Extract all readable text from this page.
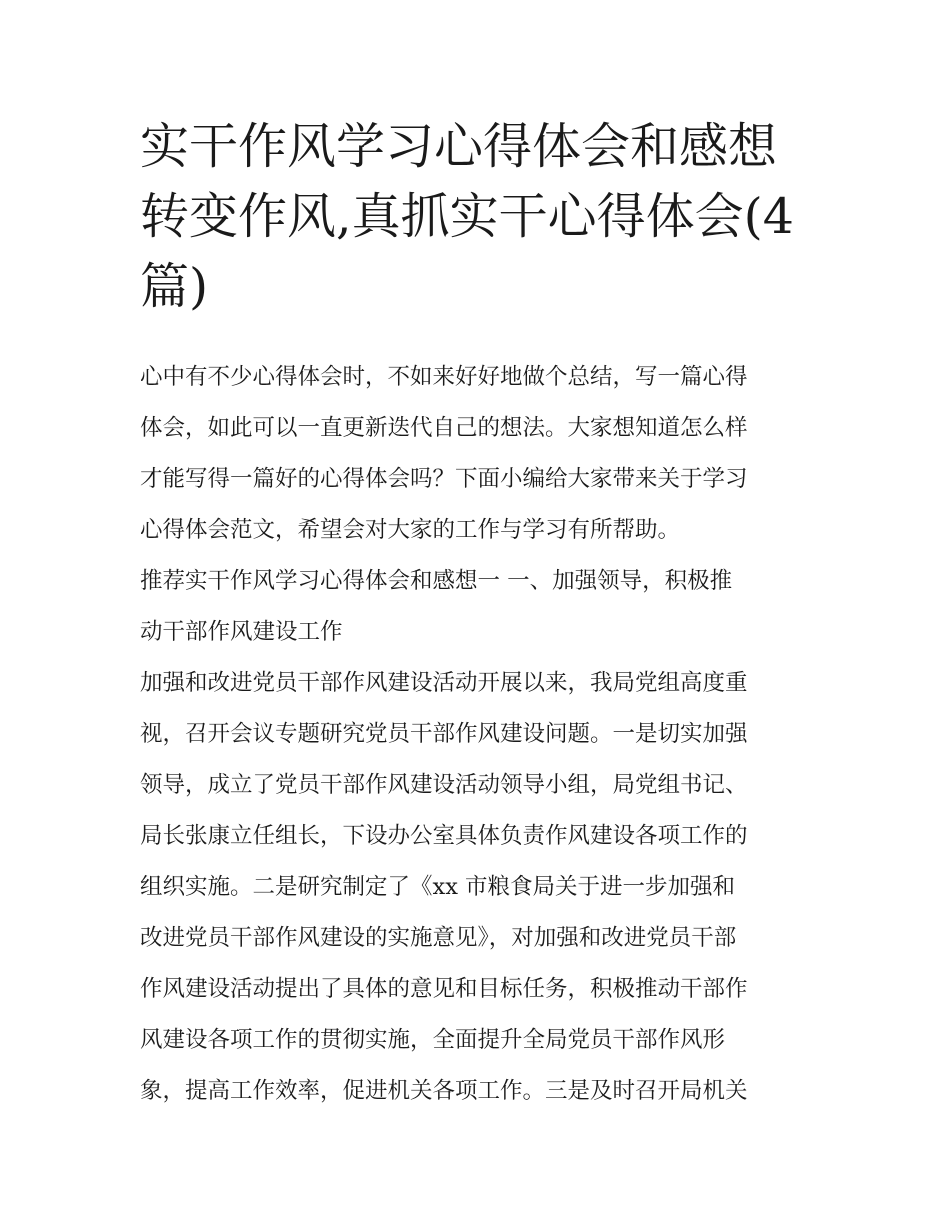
实干作风学习心得体会和感想
转变作风,真抓实干心得体会(4
篇)
心中有不少心得体会时，不如来好好地做个总结，写一篇心得
体会，如此可以一直更新迭代自己的想法。大家想知道怎么样
才能写得一篇好的心得体会吗？下面小编给大家带来关于学习
心得体会范文，希望会对大家的工作与学习有所帮助。
推荐实干作风学习心得体会和感想一 一、加强领导，积极推
动干部作风建设工作
加强和改进党员干部作风建设活动开展以来，我局党组高度重
视，召开会议专题研究党员干部作风建设问题。一是切实加强
领导，成立了党员干部作风建设活动领导小组，局党组书记、
局长张康立任组长，下设办公室具体负责作风建设各项工作的
组织实施。二是研究制定了《xx 市粮食局关于进一步加强和
改进党员干部作风建设的实施意见》，对加强和改进党员干部
作风建设活动提出了具体的意见和目标任务，积极推动干部作
风建设各项工作的贯彻实施，全面提升全局党员干部作风形
象，提高工作效率，促进机关各项工作。三是及时召开局机关
